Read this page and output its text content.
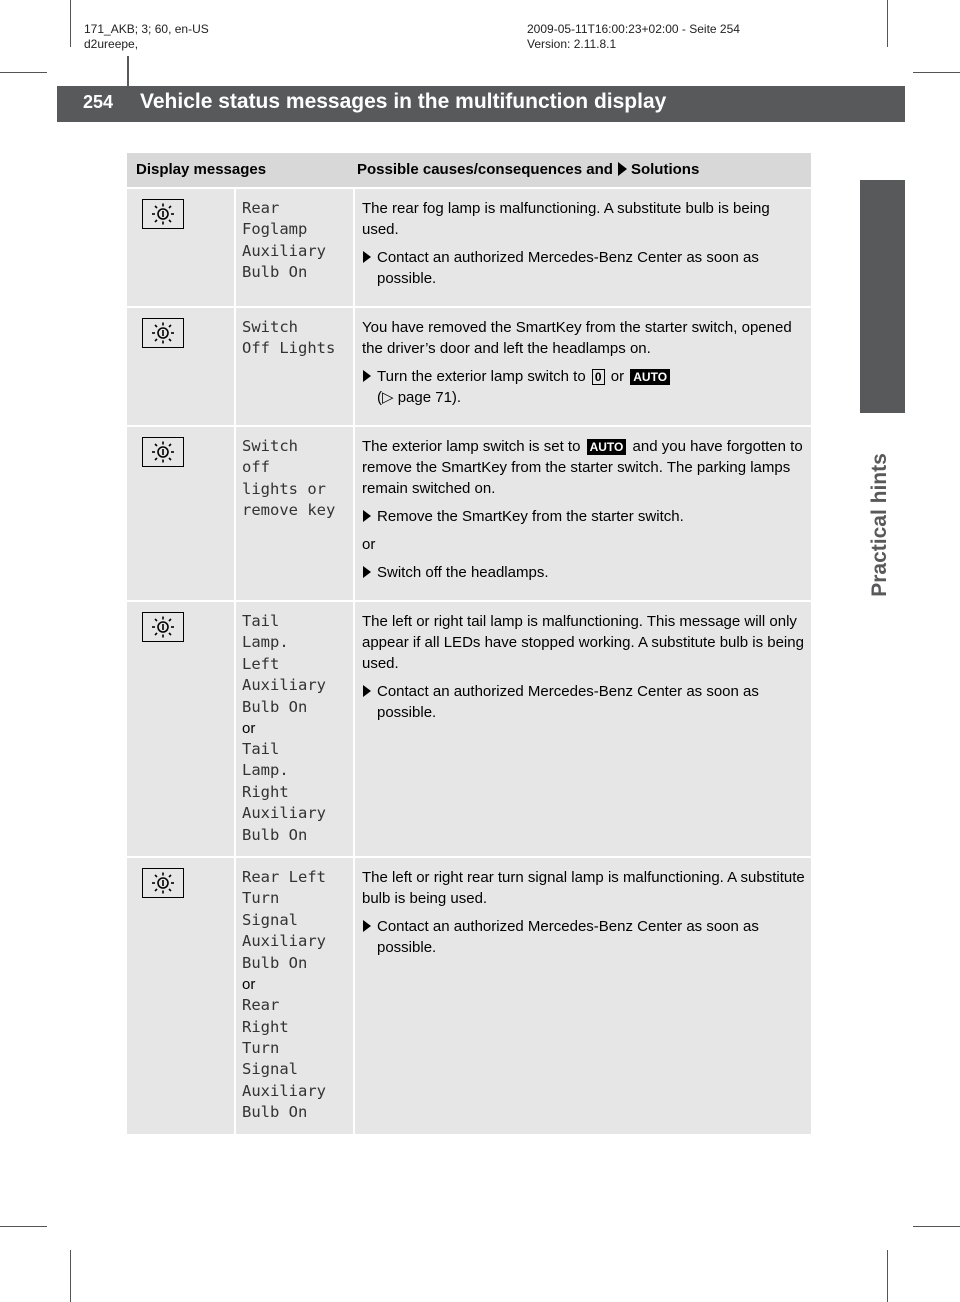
171_AKB; 3; 60, en-US
d2ureepe,
2009-05-11T16:00:23+02:00 - Seite 254
Version: 2.11.8.1
254 Vehicle status messages in the multifunction display
Practical hints
Display messages	Possible causes/consequences and Solutions
Rear
Foglamp
Auxiliary
Bulb On

The rear fog lamp is malfunctioning. A substitute bulb is being used.

Contact an authorized Mercedes-Benz Center as soon as possible.
Switch
Off Lights

You have removed the SmartKey from the starter switch, opened the driver’s door and left the headlamps on.

Turn the exterior lamp switch to 0 or AUTO
(▷ page 71).
Switch
off
lights or
remove key

The exterior lamp switch is set to AUTO and you have forgotten to remove the SmartKey from the starter switch. The parking lamps remain switched on.

Remove the SmartKey from the starter switch.
or
Switch off the headlamps.
Tail
Lamp.
Left
Auxiliary
Bulb On
or
Tail
Lamp.
Right
Auxiliary
Bulb On

The left or right tail lamp is malfunctioning. This message will only appear if all LEDs have stopped working. A substitute bulb is being used.

Contact an authorized Mercedes-Benz Center as soon as possible.
Rear Left
Turn
Signal
Auxiliary
Bulb On
or
Rear
Right
Turn
Signal
Auxiliary
Bulb On

The left or right rear turn signal lamp is malfunctioning. A substitute bulb is being used.

Contact an authorized Mercedes-Benz Center as soon as possible.
